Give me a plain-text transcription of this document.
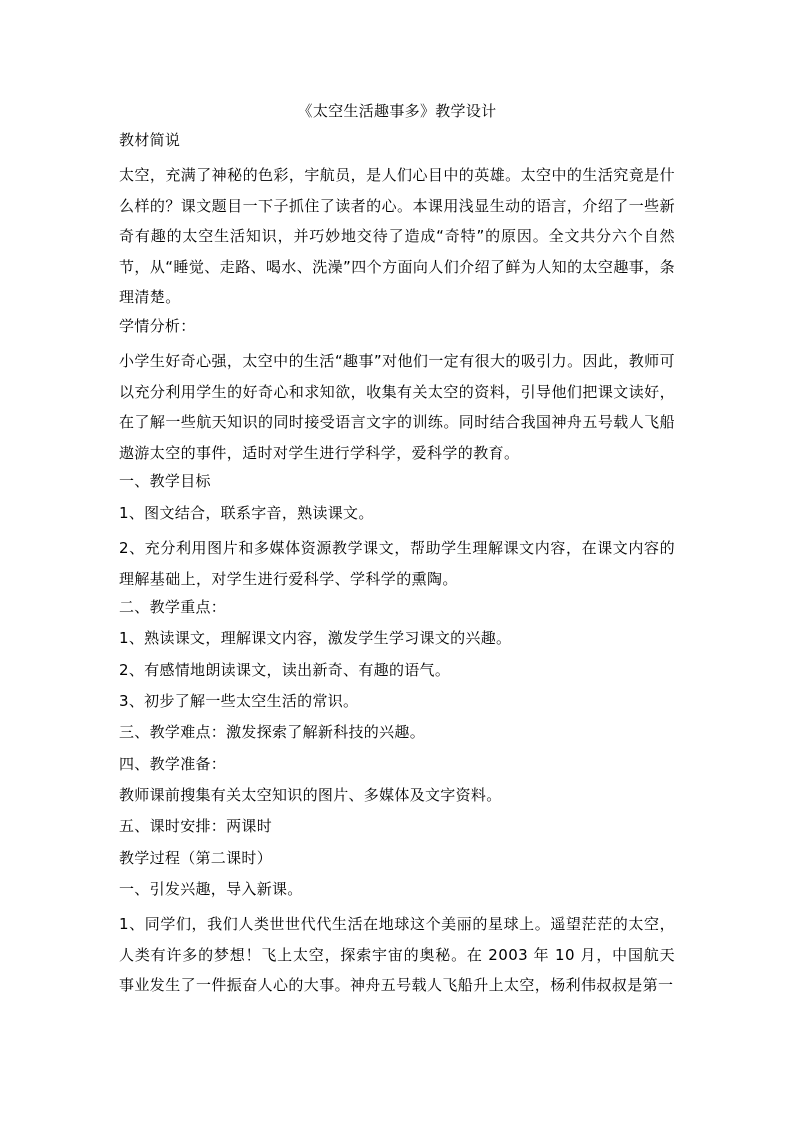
《太空生活趣事多》教学设计
教材简说
太空，充满了神秘的色彩，宇航员，是人们心目中的英雄。太空中的生活究竟是什么样的？课文题目一下子抓住了读者的心。本课用浅显生动的语言，介绍了一些新奇有趣的太空生活知识，并巧妙地交待了造成“奇特”的原因。全文共分六个自然节，从“睡觉、走路、喝水、洗澡”四个方面向人们介绍了鲜为人知的太空趣事，条理清楚。
学情分析：
小学生好奇心强，太空中的生活“趣事”对他们一定有很大的吸引力。因此，教师可以充分利用学生的好奇心和求知欲，收集有关太空的资料，引导他们把课文读好，在了解一些航天知识的同时接受语言文字的训练。同时结合我国神舟五号载人飞船遨游太空的事件，适时对学生进行学科学，爱科学的教育。
一、教学目标
1、图文结合，联系字音，熟读课文。
2、充分利用图片和多媒体资源教学课文，帮助学生理解课文内容，在课文内容的理解基础上，对学生进行爱科学、学科学的熏陶。
二、教学重点：
1、熟读课文，理解课文内容，激发学生学习课文的兴趣。
2、有感情地朗读课文，读出新奇、有趣的语气。
3、初步了解一些太空生活的常识。
三、教学难点：激发探索了解新科技的兴趣。
四、教学准备：
教师课前搜集有关太空知识的图片、多媒体及文字资料。
五、课时安排：两课时
教学过程（第二课时）
一、引发兴趣，导入新课。
1、同学们，我们人类世世代代生活在地球这个美丽的星球上。遥望茫茫的太空，人类有许多的梦想！飞上太空，探索宇宙的奥秘。在 2003 年 10 月，中国航天事业发生了一件振奋人心的大事。神舟五号载人飞船升上太空，杨利伟叔叔是第一
